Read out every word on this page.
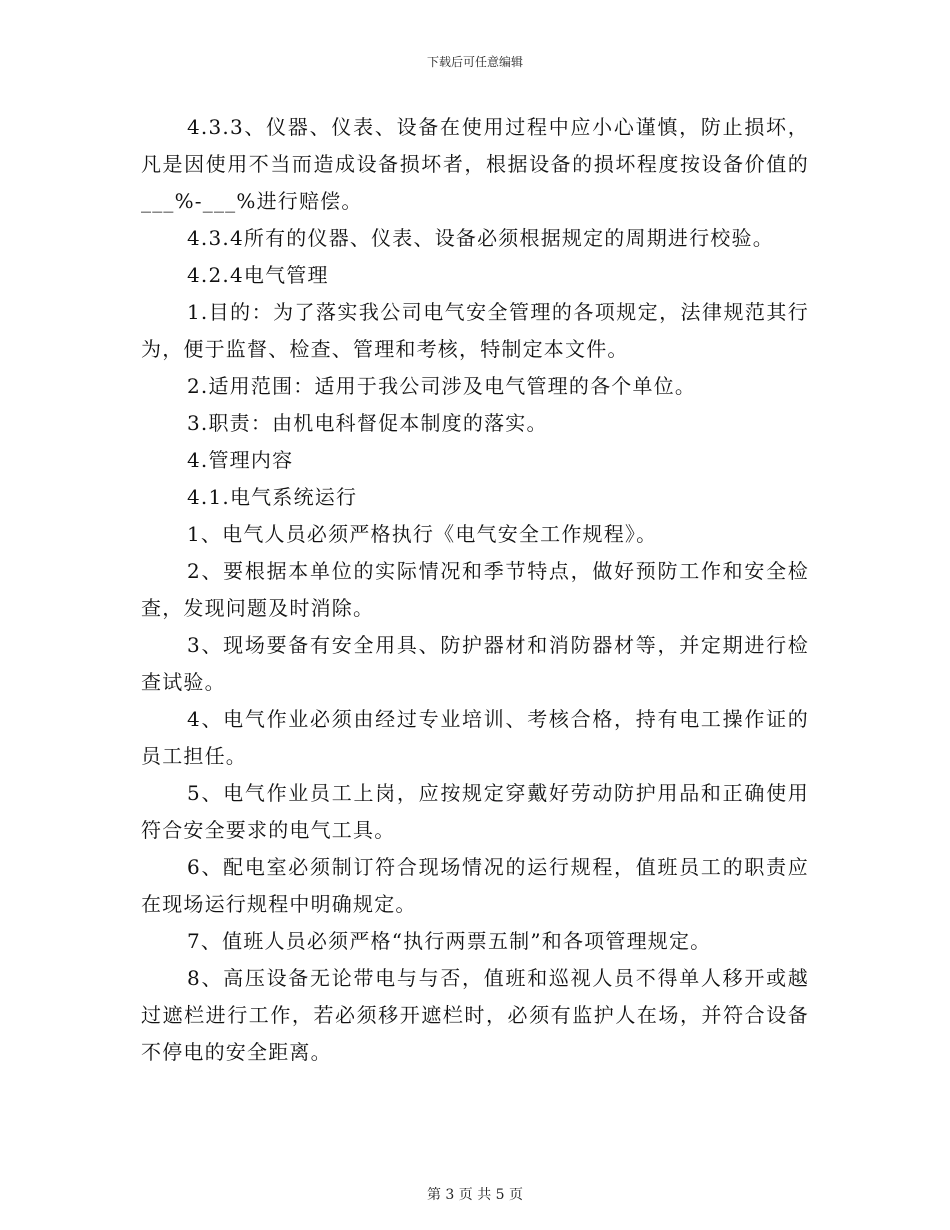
下载后可任意编辑

4.3.3、仪器、仪表、设备在使用过程中应小心谨慎，防止损坏，凡是因使用不当而造成设备损坏者，根据设备的损坏程度按设备价值的___%-___%进行赔偿。

4.3.4所有的仪器、仪表、设备必须根据规定的周期进行校验。

4.2.4电气管理

1.目的：为了落实我公司电气安全管理的各项规定，法律规范其行为，便于监督、检查、管理和考核，特制定本文件。

2.适用范围：适用于我公司涉及电气管理的各个单位。

3.职责：由机电科督促本制度的落实。

4.管理内容

4.1.电气系统运行

1、电气人员必须严格执行《电气安全工作规程》。

2、要根据本单位的实际情况和季节特点，做好预防工作和安全检查，发现问题及时消除。

3、现场要备有安全用具、防护器材和消防器材等，并定期进行检查试验。

4、电气作业必须由经过专业培训、考核合格，持有电工操作证的员工担任。

5、电气作业员工上岗，应按规定穿戴好劳动防护用品和正确使用符合安全要求的电气工具。

6、配电室必须制订符合现场情况的运行规程，值班员工的职责应在现场运行规程中明确规定。

7、值班人员必须严格“执行两票五制”和各项管理规定。

8、高压设备无论带电与与否，值班和巡视人员不得单人移开或越过遮栏进行工作，若必须移开遮栏时，必须有监护人在场，并符合设备不停电的安全距离。

第 3 页 共 5 页
